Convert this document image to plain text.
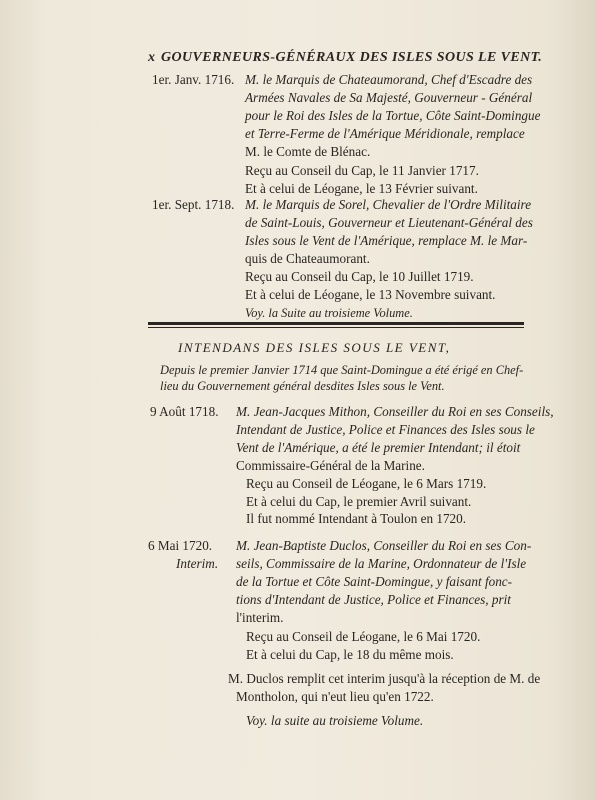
x GOUVERNEURS-GÉNÉRAUX DES ISLES SOUS LE VENT.
1er. Janv. 1716. M. le Marquis de Chateaumorand, Chef d'Escadre des
Armées Navales de Sa Majesté, Gouverneur - Général
pour le Roi des Isles de la Tortue, Côte Saint-Domingue
et Terre-Ferme de l'Amérique Méridionale, remplace
M. le Comte de Blénac.
Reçu au Conseil du Cap, le 11 Janvier 1717.
Et à celui de Léogane, le 13 Février suivant.
1er. Sept. 1718. M. le Marquis de Sorel, Chevalier de l'Ordre Militaire
de Saint-Louis, Gouverneur et Lieutenant-Général des
Isles sous le Vent de l'Amérique, remplace M. le Mar-
quis de Chateaumorant.
Reçu au Conseil du Cap, le 10 Juillet 1719.
Et à celui de Léogane, le 13 Novembre suivant.
Voy. la Suite au troisieme Volume.
INTENDANS DES ISLES SOUS LE VENT,
Depuis le premier Janvier 1714 que Saint-Domingue a été érigé en Chef-
lieu du Gouvernement général desdites Isles sous le Vent.
9 Août 1718. M. Jean-Jacques Mithon, Conseiller du Roi en ses Conseils,
Intendant de Justice, Police et Finances des Isles sous le
Vent de l'Amérique, a été le premier Intendant; il étoit
Commissaire-Général de la Marine.
Reçu au Conseil de Léogane, le 6 Mars 1719.
Et à celui du Cap, le premier Avril suivant.
Il fut nommé Intendant à Toulon en 1720.
6 Mai 1720.
Interim.
M. Jean-Baptiste Duclos, Conseiller du Roi en ses Con-
seils, Commissaire de la Marine, Ordonnateur de l'Isle
de la Tortue et Côte Saint-Domingue, y faisant fonc-
tions d'Intendant de Justice, Police et Finances, prit
l'interim.
Reçu au Conseil de Léogane, le 6 Mai 1720.
Et à celui du Cap, le 18 du même mois.
M. Duclos remplit cet interim jusqu'à la réception de M. de
Montholon, qui n'eut lieu qu'en 1722.
Voy. la suite au troisieme Volume.
